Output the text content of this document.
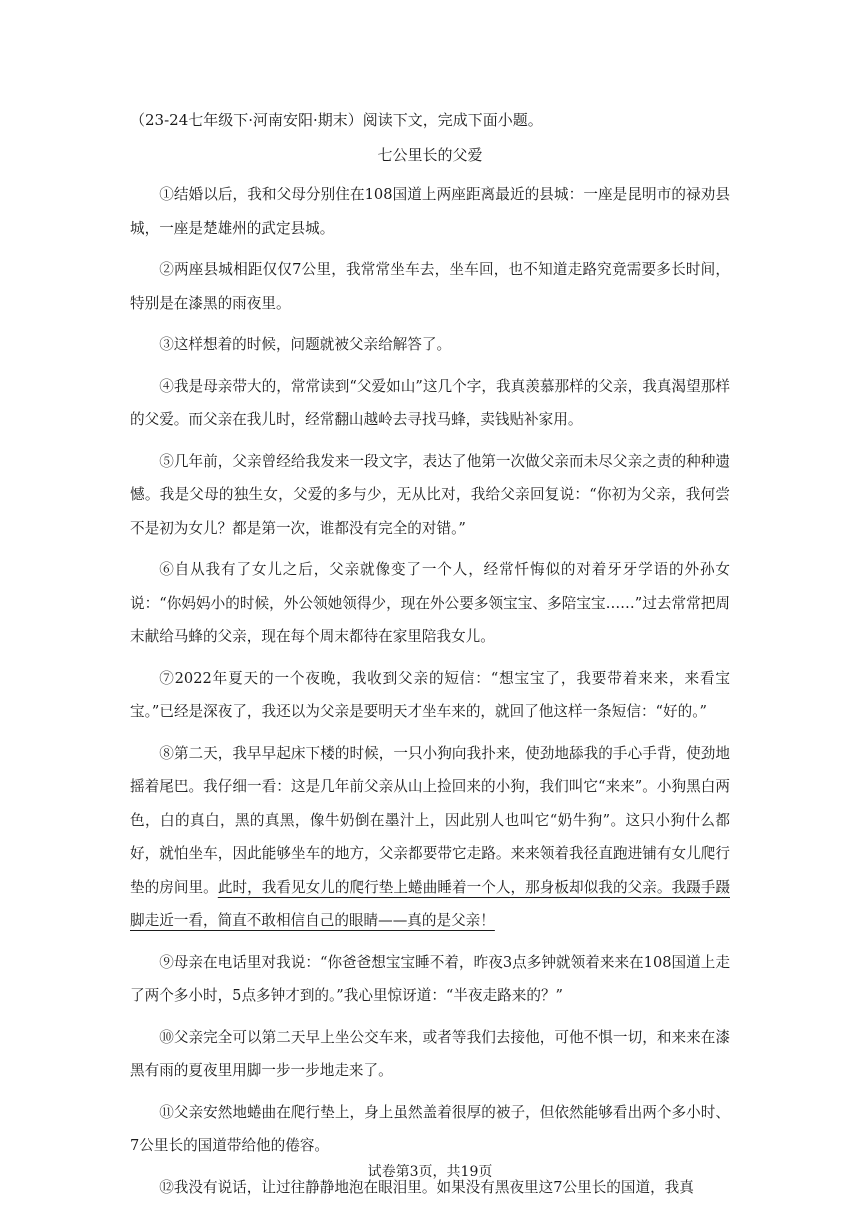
（23-24七年级下·河南安阳·期末）阅读下文，完成下面小题。
七公里长的父爱

①结婚以后，我和父母分别住在108国道上两座距离最近的县城：一座是昆明市的禄劝县城，一座是楚雄州的武定县城。

②两座县城相距仅仅7公里，我常常坐车去，坐车回，也不知道走路究竟需要多长时间，特别是在漆黑的雨夜里。

③这样想着的时候，问题就被父亲给解答了。

④我是母亲带大的，常常读到“父爱如山”这几个字，我真羡慕那样的父亲，我真渴望那样的父爱。而父亲在我儿时，经常翻山越岭去寻找马蜂，卖钱贴补家用。

⑤几年前，父亲曾经给我发来一段文字，表达了他第一次做父亲而未尽父亲之责的种种遗憾。我是父母的独生女，父爱的多与少，无从比对，我给父亲回复说：“你初为父亲，我何尝不是初为女儿？都是第一次，谁都没有完全的对错。”

⑥自从我有了女儿之后，父亲就像变了一个人，经常忏悔似的对着牙牙学语的外孙女说：“你妈妈小的时候，外公领她领得少，现在外公要多领宝宝、多陪宝宝……”过去常常把周末献给马蜂的父亲，现在每个周末都待在家里陪我女儿。

⑦2022年夏天的一个夜晚，我收到父亲的短信：“想宝宝了，我要带着来来，来看宝宝。”已经是深夜了，我还以为父亲是要明天才坐车来的，就回了他这样一条短信：“好的。”

⑧第二天，我早早起床下楼的时候，一只小狗向我扑来，使劲地舔我的手心手背，使劲地摇着尾巴。我仔细一看：这是几年前父亲从山上捡回来的小狗，我们叫它“来来”。小狗黑白两色，白的真白，黑的真黑，像牛奶倒在墨汁上，因此别人也叫它“奶牛狗”。这只小狗什么都好，就怕坐车，因此能够坐车的地方，父亲都要带它走路。来来领着我径直跑进铺有女儿爬行垫的房间里。此时，我看见女儿的爬行垫上蜷曲睡着一个人，那身板却似我的父亲。我蹑手蹑脚走近一看，简直不敢相信自己的眼睛——真的是父亲！

⑨母亲在电话里对我说：“你爸爸想宝宝睡不着，昨夜3点多钟就领着来来在108国道上走了两个多小时，5点多钟才到的。”我心里惊讶道：“半夜走路来的？”

⑩父亲完全可以第二天早上坐公交车来，或者等我们去接他，可他不惧一切，和来来在漆黑有雨的夏夜里用脚一步一步地走来了。

⑪父亲安然地蜷曲在爬行垫上，身上虽然盖着很厚的被子，但依然能够看出两个多小时、7公里长的国道带给他的倦容。

⑫我没有说话，让过往静静地泡在眼泪里。如果没有黑夜里这7公里长的国道，我真

试卷第3页，共19页
